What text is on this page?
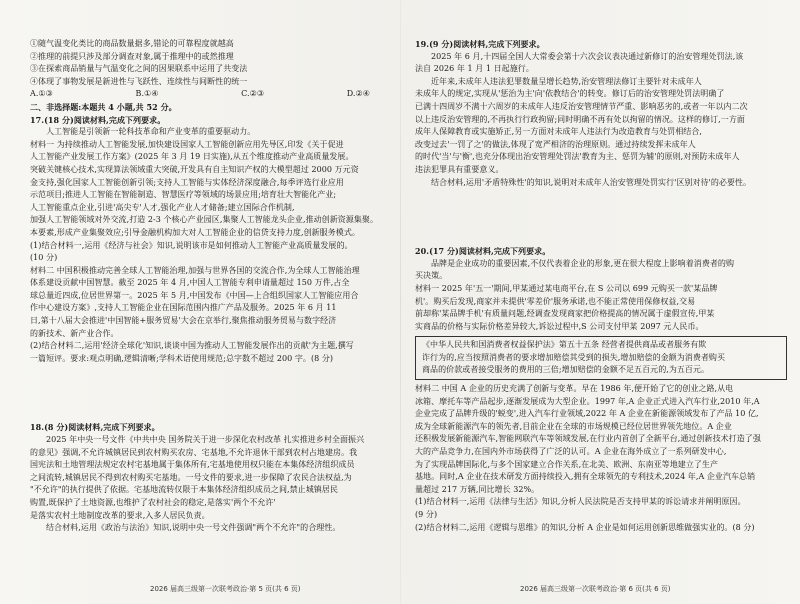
①随气温变化类比的商品数量据多,错论的可靠程度就越高

②推理的前提只涉及部分调查对象,属于推理中的或然推理

③在探索商品销量与气温变化之间的因果联系中运用了共变法

④体现了事物发展是新进性与飞跃性、连续性与间断性的统一

A.①③	B.①④	C.②③	D.②④

二、非选择题:本题共 4 小题,共 52 分。

17.(18 分)阅读材料,完成下列要求。

人工智能是引领新一轮科技革命和产业变革的重要驱动力。

材料一 为持续推动人工智能发展,加快建设国家人工智能创新应用先导区,印发《关于促进

人工智能产业发展工作方案》(2025 年 3 月 19 日实施),从五个维度推动产业高质量发展。

突破关键核心技术,实现算法领域重大突破,开发具有自主知识产权的大模型超过 2000 万元资

金支持,强化国家人工智能创新引领;支持人工智能与实体经济深度融合,每季评选行业应用

示范项目;推进人工智能在智能制造、智慧医疗等领域的场景应用;培育壮大智能化产业;

人工智能重点企业,引进'高尖专'人才,强化产业人才储备;建立国际合作机制,

加强人工智能领域对外交流,打造 2-3 个核心产业园区,集聚人工智能龙头企业,推动创新资源集聚。

本要素,形成产业集聚效应;引导金融机构加大对人工智能企业的信贷支持力度,创新服务模式。

(1)结合材料一,运用《经济与社会》知识,说明该市是如何推动人工智能产业高质量发展的。

(10 分)

材料二 中国积极推动完善全球人工智能治理,加强与世界各国的交流合作,为全球人工智能治理

体系建设贡献中国智慧。截至 2025 年 4 月,中国人工智能专利申请量超过 150 万件,占全

球总量近四成,位居世界第一。2025 年 5 月,中国发布《中国—上合组织国家人工智能应用合

作中心建设方案》,支持人工智能企业在国际范围内推广产品及服务。2025 年 6 月 11

日,第十八届大会推进'中国智能+服务贸易'大会在京举行,聚焦推动服务贸易与数字经济

的新技术、新产业合作。

(2)结合材料二,运用'经济全球化'知识,谈谈中国为推动人工智能发展作出的贡献'为主题,撰写

一篇短评。要求:观点明确,逻辑清晰;学科术语使用规范;总字数不超过 200 字。(8 分)

18.(8 分)阅读材料,完成下列要求。

2025 年中央一号文件《中共中央 国务院关于进一步深化农村改革 扎实推进乡村全面振兴

的意见》强调,不允许城镇居民到农村购买农房、宅基地,不允许退休干部到农村占地建房。我

国宪法和土地管理法规定农村宅基地属于集体所有,宅基地使用权只能在本集体经济组织成员

之间流转,城镇居民不得到农村购买宅基地。一号文件的要求,进一步保障了农民合法权益,为

"不允许"的执行提供了依据。宅基地流转仅限于本集体经济组织成员之间,禁止城镇居民

购置,既保护了土地资源,也维护了农村社会的稳定,是落实'两个不允许'

是落实农村土地制度改革的要求,入多人居民负责。

结合材料,运用《政治与法治》知识,说明中央一号文件强调"两个不允许"的合理性。

2026 届高三级第一次联考政治·第 5 页(共 6 页)

19.(9 分)阅读材料,完成下列要求。

2025 年 6 月,十四届全国人大常委会第十六次会议表决通过新修订的治安管理处罚法,该

法自 2026 年 1 月 1 日起施行。

近年来,未成年人违法犯罪数量呈增长趋势,治安管理法修订主要针对未成年人

未成年人的规定,实现从'惩治为主'向'依教结合'的转变。修订后的治安管理处罚法明确了

已满十四周岁不满十六周岁的未成年人违反治安管理情节严重、影响恶劣的,或者一年以内二次

以上违反治安管理的,不再执行行政拘留;同时明确不再有处以拘留的情况。这样的修订,一方面

成年人保障教育或实施矫正,另一方面对未成年人违法行为改造教育与处罚相结合,

改变过去'一罚了之'的做法,体现了宽严相济的治理原则。通过持续发挥未成年人

的时代'当'与'衡',也充分体现出治安管理处罚法'教育为主、惩罚为辅'的原则,对预防未成年人

违法犯罪具有重要意义。

结合材料,运用'矛盾特殊性'的知识,说明对未成年人治安管理处罚实行'区别对待'的必要性。

20.(17 分)阅读材料,完成下列要求。

品牌是企业成功的重要因素,不仅代表着企业的形象,更在很大程度上影响着消费者的购

买决策。

材料一 2025 年'五一'期间,甲某通过某电商平台,在 S 公司以 699 元购买一款'某品牌

机'。购买后发现,商家并未提供'零差价'服务承诺,也不能正常使用保修权益,交易

前却称'某品牌手机'有质量问题,经调查发现商家把价格提高的情况属于虚假宣传,甲某

实商品的价格与实际价格差异较大,诉讼过程中,S 公司支付甲某 2097 元人民币。

《中华人民共和国消费者权益保护法》第五十五条 经营者提供商品或者服务有欺

诈行为的,应当按照消费者的要求增加赔偿其受到的损失,增加赔偿的金额为消费者购买

商品的价款或者接受服务的费用的三倍;增加赔偿的金额不足五百元的,为五百元。

材料二 中国 A 企业的历史充满了创新与变革。早在 1986 年,便开始了它的创业之路,从电

冰箱、摩托车等产品起步,逐渐发展成为大型企业。1997 年,A 企业正式进入汽车行业,2010 年,A

企业完成了品牌升级的'蜕变',进入汽车行业领域,2022 年 A 企业在新能源领域发布了产品 10 亿,

成为全球新能源汽车的领先者,目前企业在全球的市场规模已经位居世界领先地位。A 企业

还积极发展新能源汽车,智能网联汽车等领域发展,在行业内首创了全新平台,通过创新技术打造了强

大的产品竞争力,在国内外市场获得了广泛的认可。A 企业在海外成立了一系列研发中心,

为了实现品牌国际化,与多个国家建立合作关系,在北美、欧洲、东南亚等地建立了生产

基地。同时,A 企业在技术研发方面持续投入,拥有全球领先的专利技术,2024 年,A 企业汽车总销

量超过 217 万辆,同比增长 32%。

(1)结合材料一,运用《法律与生活》知识,分析人民法院是否支持甲某的诉讼请求并阐明原因。

(9 分)

(2)结合材料二,运用《逻辑与思维》的知识,分析 A 企业是如何运用创新思维做强实业的。(8 分)

2026 届高三级第一次联考政治·第 6 页(共 6 页)
